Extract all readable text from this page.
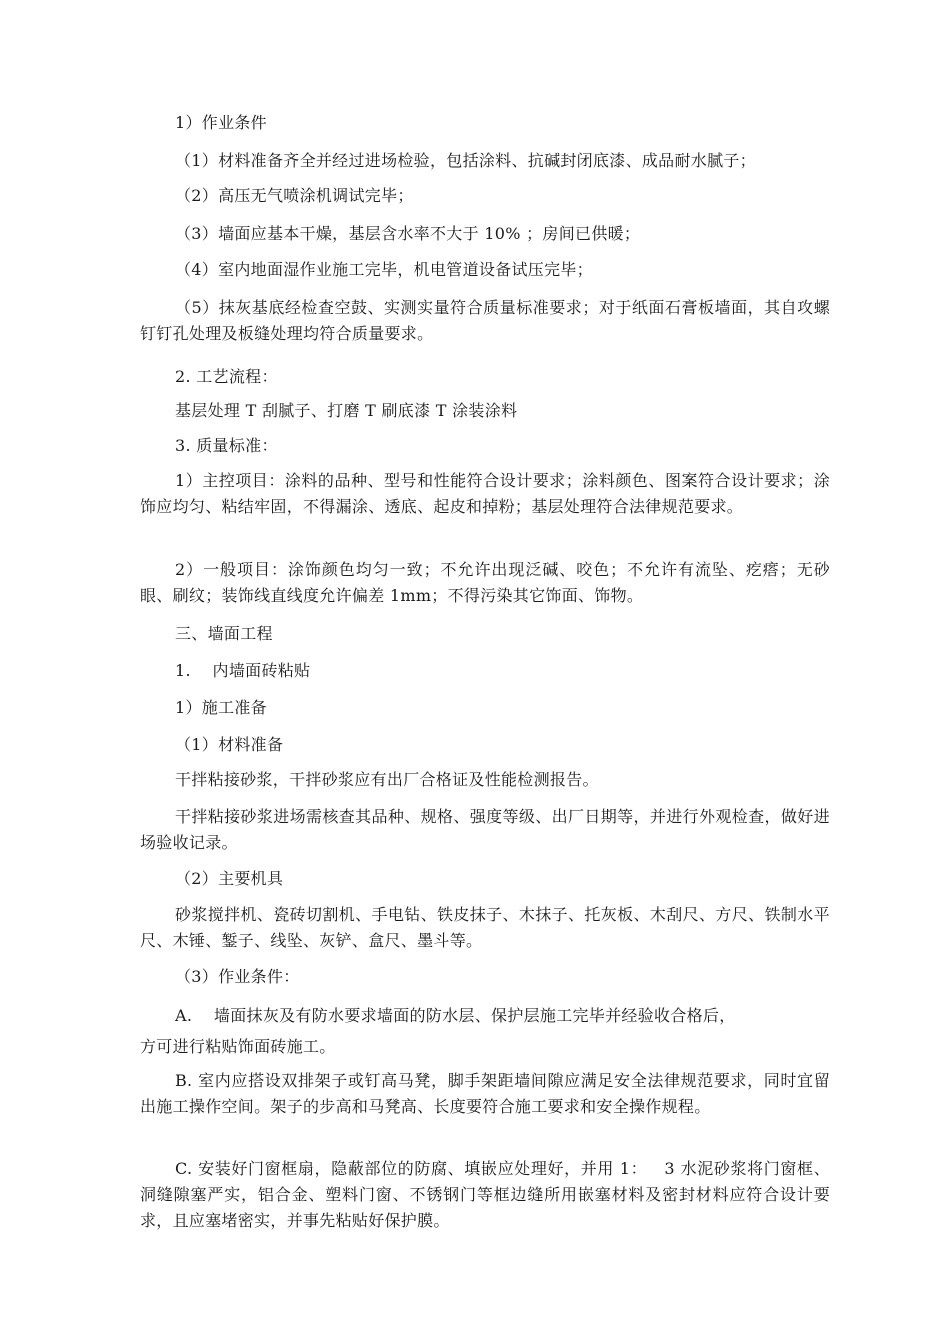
1）作业条件

（1）材料准备齐全并经过进场检验，包括涂料、抗碱封闭底漆、成品耐水腻子；

（2）高压无气喷涂机调试完毕；

（3）墙面应基本干燥，基层含水率不大于 10% ；房间已供暖；

（4）室内地面湿作业施工完毕，机电管道设备试压完毕；

（5）抹灰基底经检查空鼓、实测实量符合质量标准要求；对于纸面石膏板墙面，其自攻螺钉钉孔处理及板缝处理均符合质量要求。

2. 工艺流程：

基层处理 T 刮腻子、打磨 T 刷底漆 T 涂装涂料

3. 质量标准：

1）主控项目：涂料的品种、型号和性能符合设计要求；涂料颜色、图案符合设计要求；涂饰应均匀、粘结牢固，不得漏涂、透底、起皮和掉粉；基层处理符合法律规范要求。

2）一般项目：涂饰颜色均匀一致；不允许出现泛碱、咬色；不允许有流坠、疙瘩；无砂眼、刷纹；装饰线直线度允许偏差 1mm；不得污染其它饰面、饰物。

三、墙面工程

1.　 内墙面砖粘贴

1）施工准备

（1）材料准备

干拌粘接砂浆，干拌砂浆应有出厂合格证及性能检测报告。

干拌粘接砂浆进场需核查其品种、规格、强度等级、出厂日期等，并进行外观检查，做好进场验收记录。

（2）主要机具

砂浆搅拌机、瓷砖切割机、手电钻、铁皮抹子、木抹子、托灰板、木刮尺、方尺、铁制水平尺、木锤、錾子、线坠、灰铲、盒尺、墨斗等。

（3）作业条件：

A.　 墙面抹灰及有防水要求墙面的防水层、保护层施工完毕并经验收合格后，

方可进行粘贴饰面砖施工。

B. 室内应搭设双排架子或钉高马凳，脚手架距墙间隙应满足安全法律规范要求，同时宜留出施工操作空间。架子的步高和马凳高、长度要符合施工要求和安全操作规程。

C. 安装好门窗框扇，隐蔽部位的防腐、填嵌应处理好，并用 1：   3 水泥砂浆将门窗框、洞缝隙塞严实，铝合金、塑料门窗、不锈钢门等框边缝所用嵌塞材料及密封材料应符合设计要求，且应塞堵密实，并事先粘贴好保护膜。
